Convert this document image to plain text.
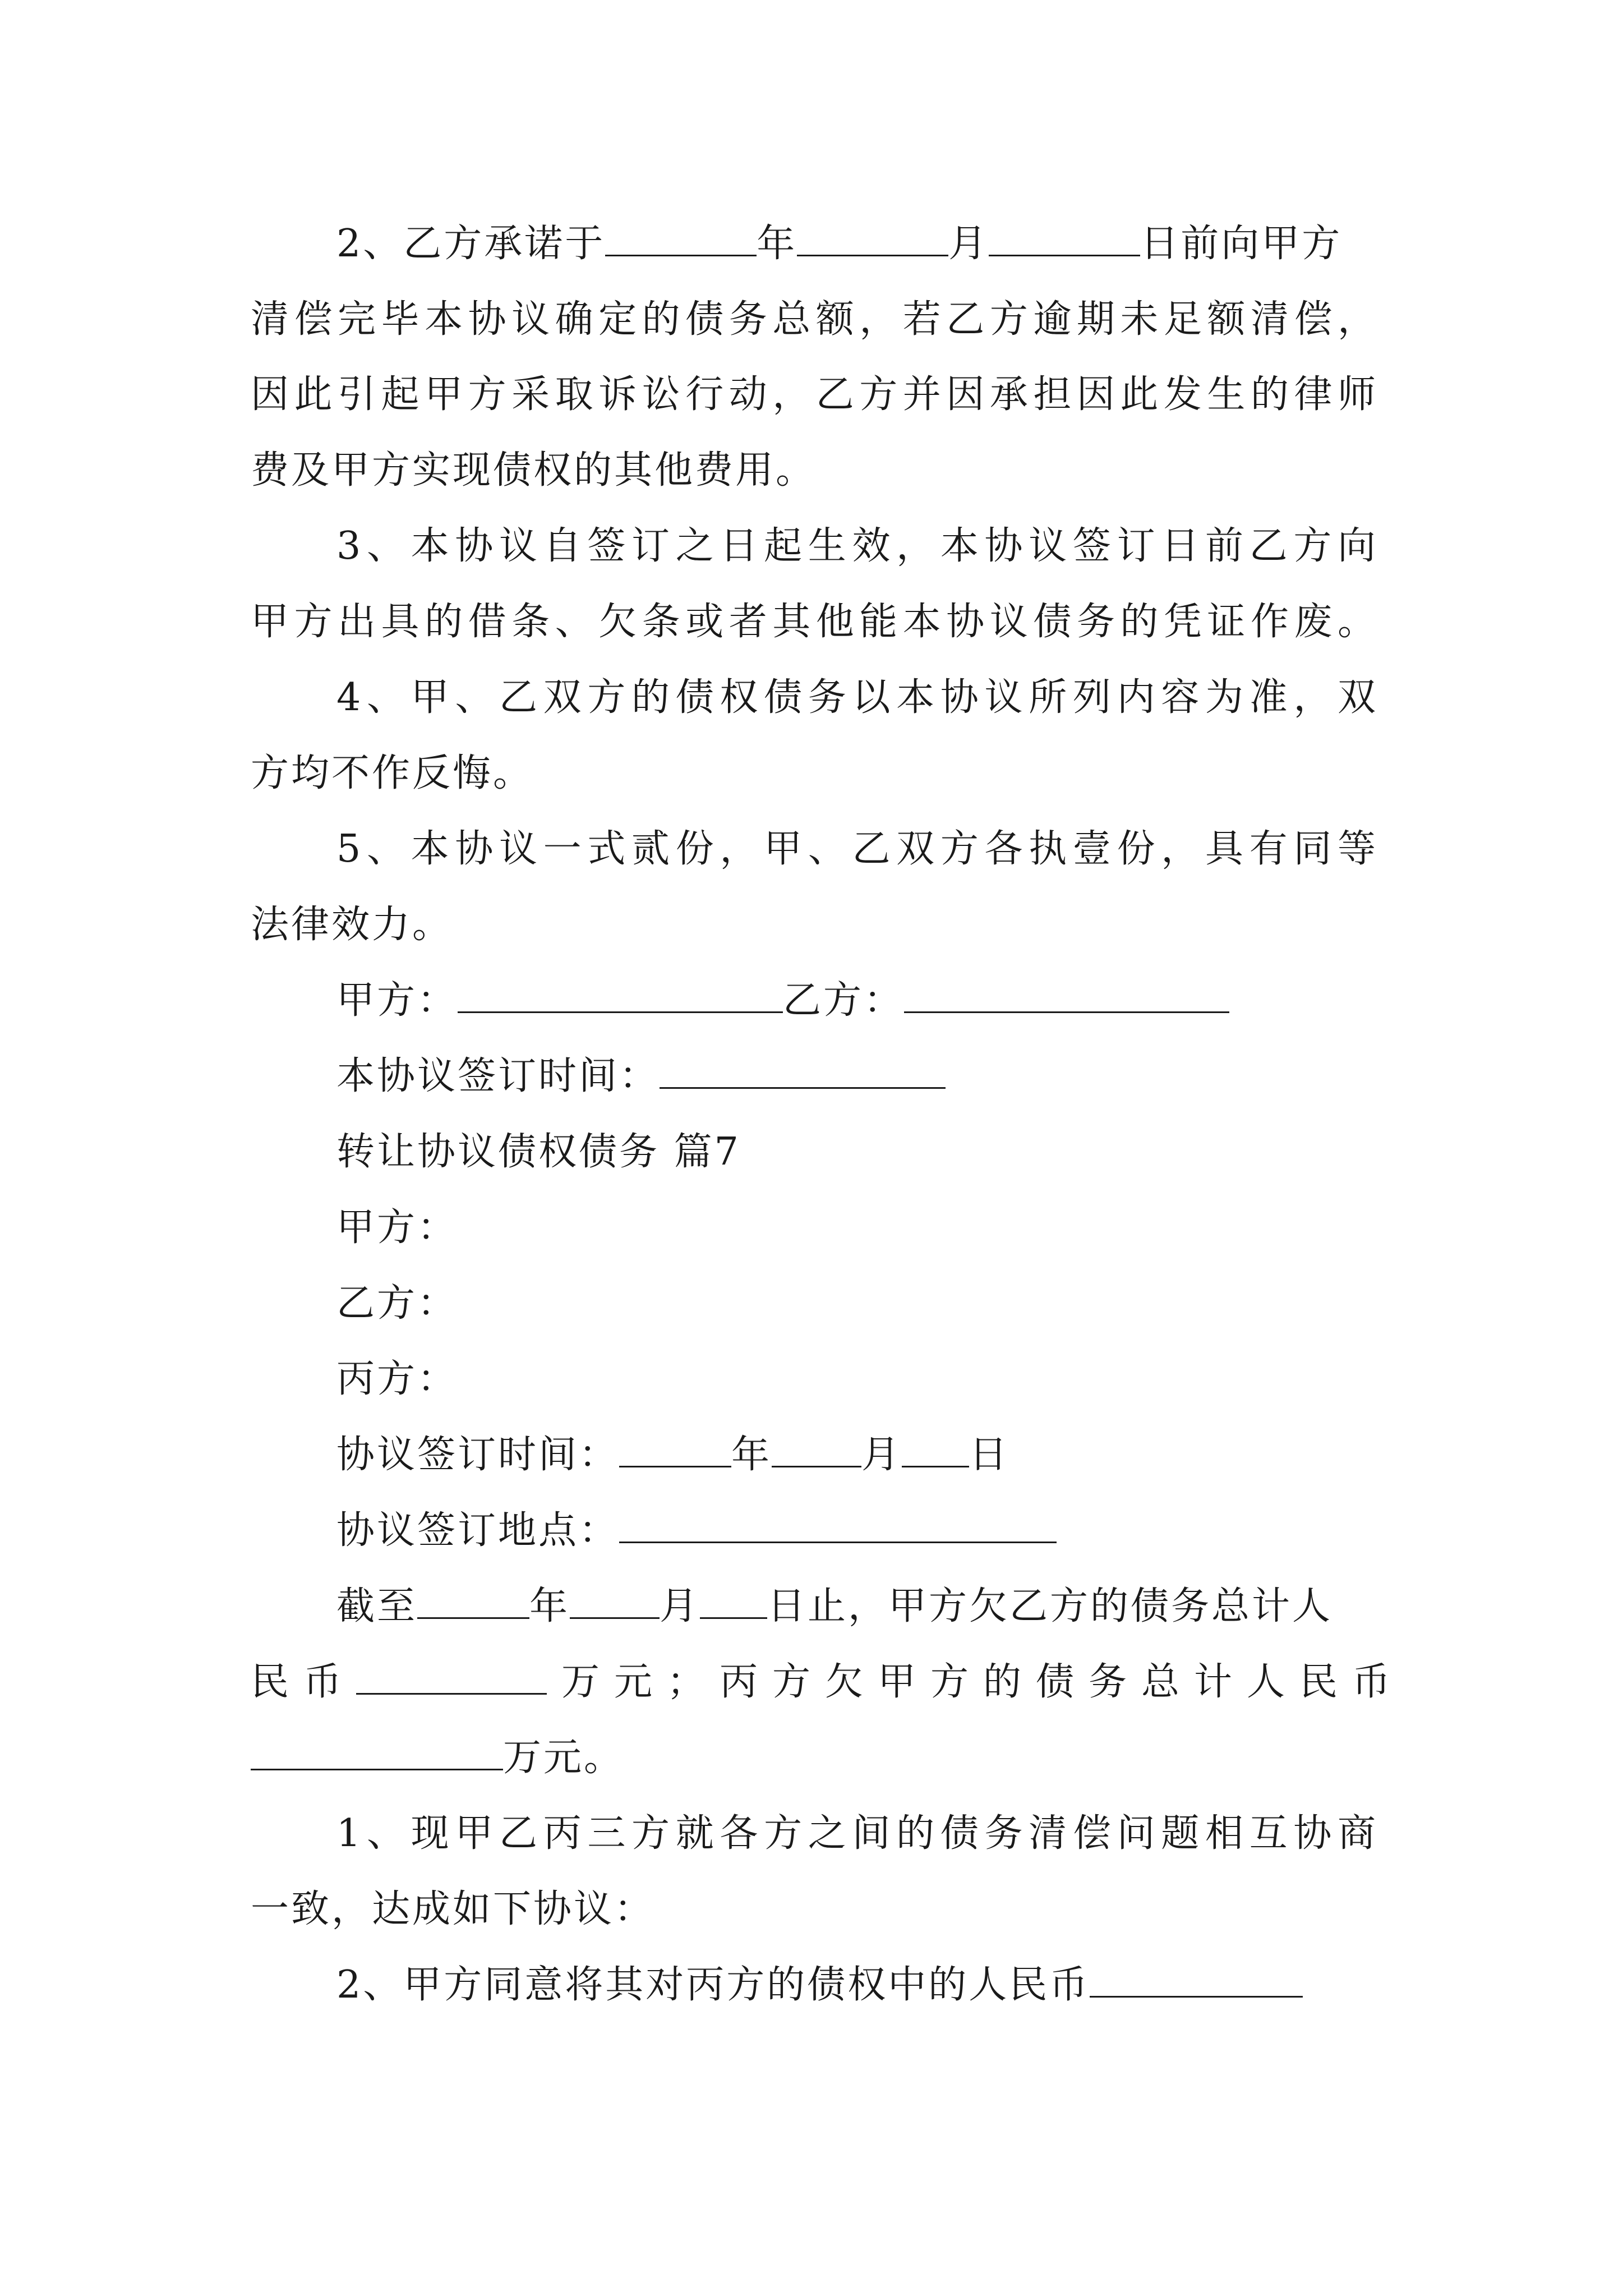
2、乙方承诺于	年	月	日前向甲方
清偿完毕本协议确定的债务总额，若乙方逾期未足额清偿，
因此引起甲方采取诉讼行动，乙方并因承担因此发生的律师
费及甲方实现债权的其他费用。
3、本协议自签订之日起生效，本协议签订日前乙方向
甲方出具的借条、欠条或者其他能本协议债务的凭证作废。
4、甲、乙双方的债权债务以本协议所列内容为准，双
方均不作反悔。
5、本协议一式贰份，甲、乙双方各执壹份，具有同等
法律效力。
甲方：	乙方：
本协议签订时间：
转让协议债权债务 篇7
甲方：
乙方：
丙方：
协议签订时间：	年 月 日
协议签订地点：
截至	年 月 日止，甲方欠乙方的债务总计人
民币	万元；丙方欠甲方的债务总计人民币
万元。
1、现甲乙丙三方就各方之间的债务清偿问题相互协商
一致，达成如下协议：
2、甲方同意将其对丙方的债权中的人民币
